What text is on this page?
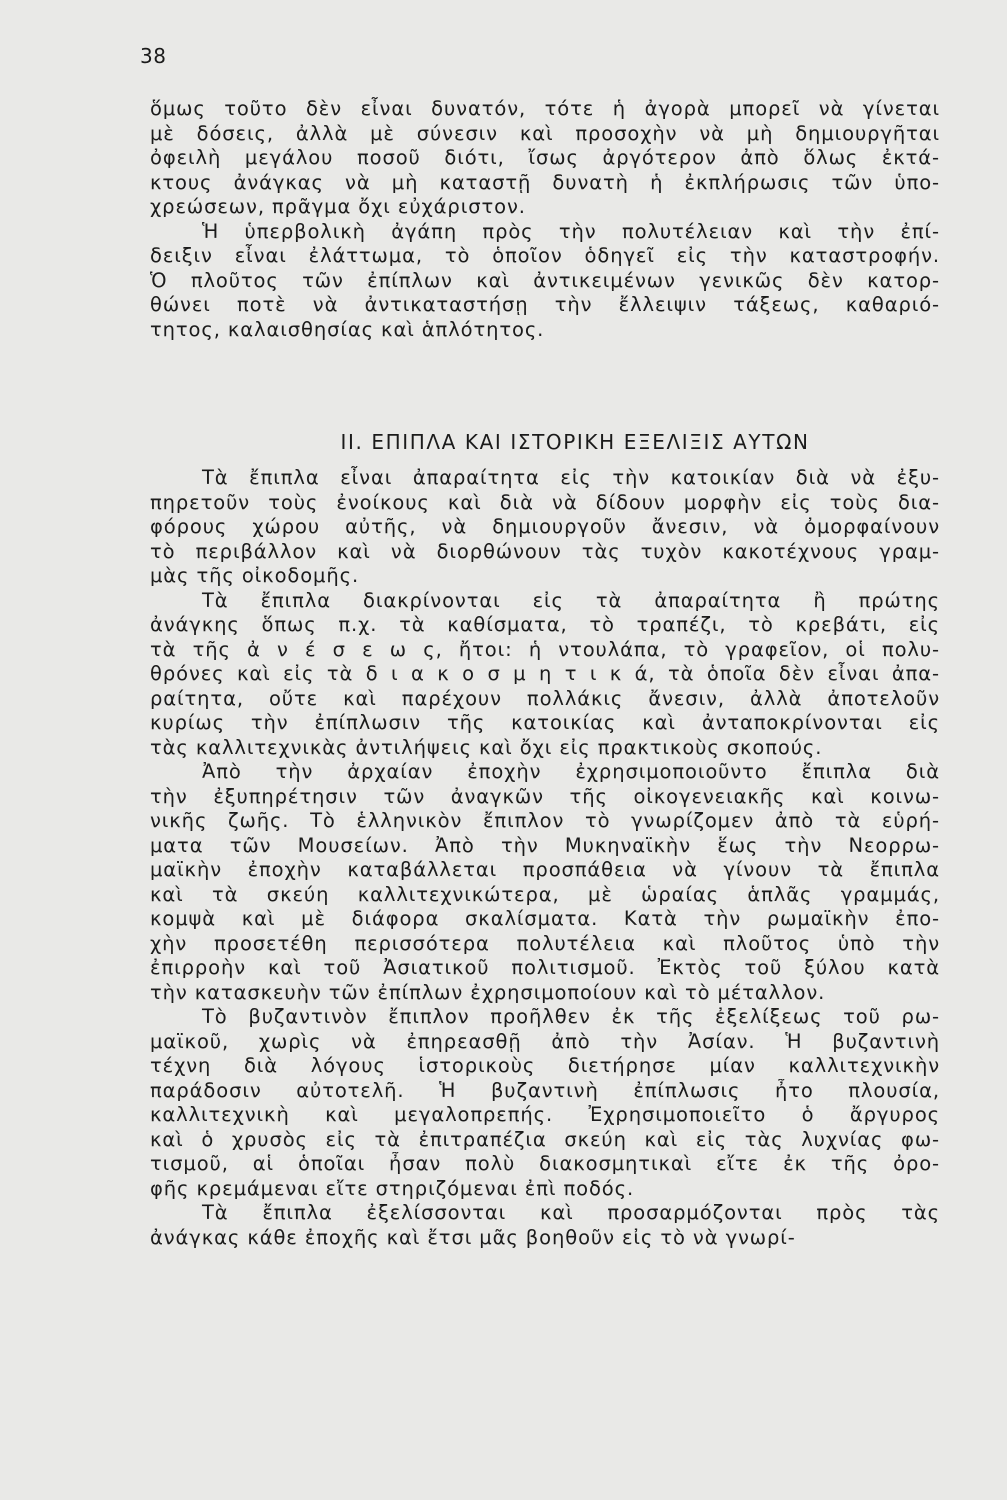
38
ὅμως τοῦτο δὲν εἶναι δυνατόν, τότε ἡ ἀγορὰ μπορεῖ νὰ γίνεται
μὲ δόσεις, ἀλλὰ μὲ σύνεσιν καὶ προσοχὴν νὰ μὴ δημιουργῆται
ὀφειλὴ μεγάλου ποσοῦ διότι, ἴσως ἀργότερον ἀπὸ ὅλως ἐκτά-
κτους ἀνάγκας νὰ μὴ καταστῇ δυνατὴ ἡ ἐκπλήρωσις τῶν ὑπο-
χρεώσεων, πρᾶγμα ὄχι εὐχάριστον.
Ἡ ὑπερβολικὴ ἀγάπη πρὸς τὴν πολυτέλειαν καὶ τὴν ἐπί-
δειξιν εἶναι ἐλάττωμα, τὸ ὁποῖον ὁδηγεῖ εἰς τὴν καταστροφήν.
Ὁ πλοῦτος τῶν ἐπίπλων καὶ ἀντικειμένων γενικῶς δὲν κατορ-
θώνει ποτὲ νὰ ἀντικαταστήσῃ τὴν ἔλλειψιν τάξεως, καθαριό-
τητος, καλαισθησίας καὶ ἁπλότητος.
II. ΕΠΙΠΛΑ ΚΑΙ ΙΣΤΟΡΙΚΗ ΕΞΕΛΙΞΙΣ ΑΥΤΩΝ
Τὰ ἔπιπλα εἶναι ἀπαραίτητα εἰς τὴν κατοικίαν διὰ νὰ ἐξυ-
πηρετοῦν τοὺς ἐνοίκους καὶ διὰ νὰ δίδουν μορφὴν εἰς τοὺς δια-
φόρους χώρου αὐτῆς, νὰ δημιουργοῦν ἄνεσιν, νὰ ὀμορφαίνουν
τὸ περιβάλλον καὶ νὰ διορθώνουν τὰς τυχὸν κακοτέχνους γραμ-
μὰς τῆς οἰκοδομῆς.
Τὰ ἔπιπλα διακρίνονται εἰς τὰ ἀπαραίτητα ἢ πρώτης
ἀνάγκης ὅπως π.χ. τὰ καθίσματα, τὸ τραπέζι, τὸ κρεβάτι, εἰς
τὰ τῆς ἀ ν έ σ ε ω ς, ἤτοι: ἡ ντουλάπα, τὸ γραφεῖον, οἱ πολυ-
θρόνες καὶ εἰς τὰ δ ι α κ ο σ μ η τ ι κ ά, τὰ ὁποῖα δὲν εἶναι ἀπα-
ραίτητα, οὔτε καὶ παρέχουν πολλάκις ἄνεσιν, ἀλλὰ ἀποτελοῦν
κυρίως τὴν ἐπίπλωσιν τῆς κατοικίας καὶ ἀνταποκρίνονται εἰς
τὰς καλλιτεχνικὰς ἀντιλήψεις καὶ ὄχι εἰς πρακτικοὺς σκοπούς.
Ἀπὸ τὴν ἀρχαίαν ἐποχὴν ἐχρησιμοποιοῦντο ἔπιπλα διὰ
τὴν ἐξυπηρέτησιν τῶν ἀναγκῶν τῆς οἰκογενειακῆς καὶ κοινω-
νικῆς ζωῆς. Τὸ ἑλληνικὸν ἔπιπλον τὸ γνωρίζομεν ἀπὸ τὰ εὑρή-
ματα τῶν Μουσείων. Ἀπὸ τὴν Μυκηναϊκὴν ἕως τὴν Νεορρω-
μαϊκὴν ἐποχὴν καταβάλλεται προσπάθεια νὰ γίνουν τὰ ἔπιπλα
καὶ τὰ σκεύη καλλιτεχνικώτερα, μὲ ὡραίας ἁπλᾶς γραμμάς,
κομψὰ καὶ μὲ διάφορα σκαλίσματα. Κατὰ τὴν ρωμαϊκὴν ἐπο-
χὴν προσετέθη περισσότερα πολυτέλεια καὶ πλοῦτος ὑπὸ τὴν
ἐπιρροὴν καὶ τοῦ Ἀσιατικοῦ πολιτισμοῦ. Ἐκτὸς τοῦ ξύλου κατὰ
τὴν κατασκευὴν τῶν ἐπίπλων ἐχρησιμοποίουν καὶ τὸ μέταλλον.
Τὸ βυζαντινὸν ἔπιπλον προῆλθεν ἐκ τῆς ἐξελίξεως τοῦ ρω-
μαϊκοῦ, χωρὶς νὰ ἐπηρεασθῇ ἀπὸ τὴν Ἀσίαν. Ἡ βυζαντινὴ
τέχνη διὰ λόγους ἱστορικοὺς διετήρησε μίαν καλλιτεχνικὴν
παράδοσιν αὐτοτελῆ. Ἡ βυζαντινὴ ἐπίπλωσις ἦτο πλουσία,
καλλιτεχνικὴ καὶ μεγαλοπρεπής. Ἐχρησιμοποιεῖτο ὁ ἄργυρος
καὶ ὁ χρυσὸς εἰς τὰ ἐπιτραπέζια σκεύη καὶ εἰς τὰς λυχνίας φω-
τισμοῦ, αἱ ὁποῖαι ἦσαν πολὺ διακοσμητικαὶ εἴτε ἐκ τῆς ὀρο-
φῆς κρεμάμεναι εἴτε στηριζόμεναι ἐπὶ ποδός.
Τὰ ἔπιπλα ἐξελίσσονται καὶ προσαρμόζονται πρὸς τὰς
ἀνάγκας κάθε ἐποχῆς καὶ ἔτσι μᾶς βοηθοῦν εἰς τὸ νὰ γνωρί-
